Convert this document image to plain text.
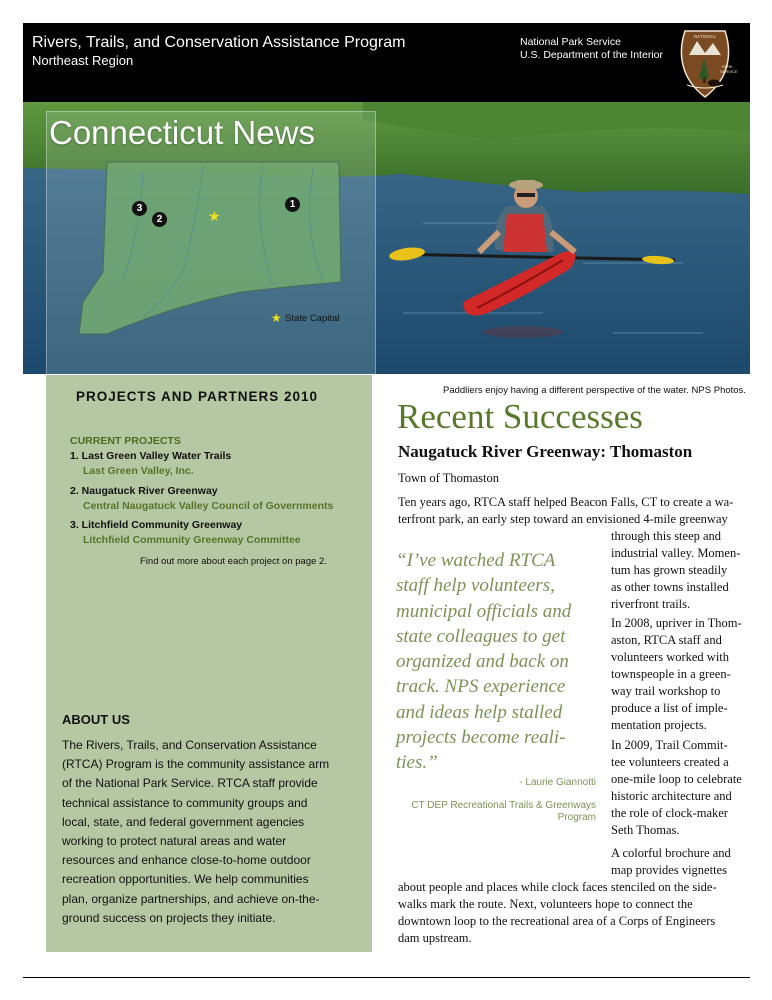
Rivers, Trails, and Conservation Assistance Program
Northeast Region
National Park Service
U.S. Department of the Interior
NATIONAL
PARK
SERVICE
Connecticut News
1
2
3	★
★ State Capital
PROJECTS AND PARTNERS 2010
CURRENT PROJECTS
1. Last Green Valley Water Trails
Last Green Valley, Inc.
2. Naugatuck River Greenway
Central Naugatuck Valley Council of Governments
3. Litchfield Community Greenway
Litchfield Community Greenway Committee
Find out more about each project on page 2.
ABOUT US
The Rivers, Trails, and Conservation Assistance
(RTCA) Program is the community assistance arm
of the National Park Service. RTCA staff provide
technical assistance to community groups and
local, state, and federal government agencies
working to protect natural areas and water
resources and enhance close-to-home outdoor
recreation opportunities. We help communities
plan, organize partnerships, and achieve on-the-
ground success on projects they initiate.
Paddliers enjoy having a different perspective of the water. NPS Photos.
Recent Successes
Naugatuck River Greenway: Thomaston
Town of Thomaston
Ten years ago, RTCA staff helped Beacon Falls, CT to create a wa-
terfront park, an early step toward an envisioned 4-mile greenway
through this steep and
industrial valley. Momen-
tum has grown steadily
as other towns installed
riverfront trails.
In 2008, upriver in Thom-
aston, RTCA staff and
volunteers worked with
townspeople in a green-
way trail workshop to
produce a list of imple-
mentation projects.
In 2009, Trail Commit-
tee volunteers created a
one-mile loop to celebrate
historic architecture and
the role of clock-maker
Seth Thomas.
A colorful brochure and
map provides vignettes
about people and places while clock faces stenciled on the side-
walks mark the route. Next, volunteers hope to connect the
downtown loop to the recreational area of a Corps of Engineers
dam upstream.
“I’ve watched RTCA
staff help volunteers,
municipal officials and
state colleagues to get
organized and back on
track. NPS experience
and ideas help stalled
projects become reali-
ties.”
- Laurie Giannotti
CT DEP Recreational Trails & Greenways
Program
